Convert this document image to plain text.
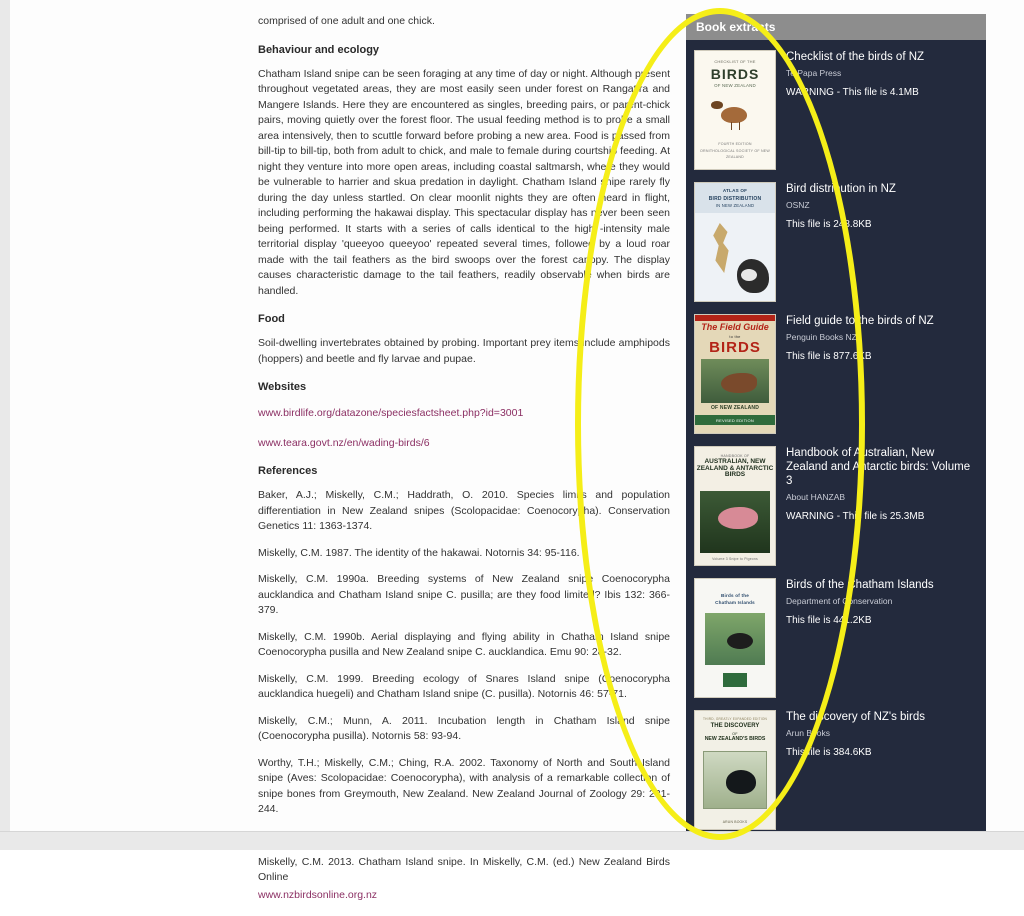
comprised of one adult and one chick.

Behaviour and ecology

Chatham Island snipe can be seen foraging at any time of day or night. Although present throughout vegetated areas, they are most easily seen under forest on Rangatira and Mangere Islands. Here they are encountered as singles, breeding pairs, or parent-chick pairs, moving quietly over the forest floor. The usual feeding method is to probe a small area intensively, then to scuttle forward before probing a new area. Food is passed from bill-tip to bill-tip, both from adult to chick, and male to female during courtship feeding. At night they venture into more open areas, including coastal saltmarsh, where they would be vulnerable to harrier and skua predation in daylight. Chatham Island snipe rarely fly during the day unless startled. On clear moonlit nights they are often heard in flight, including performing the hakawai display. This spectacular display has never been seen being performed. It starts with a series of calls identical to the high -intensity male territorial display 'queeyoo queeyoo' repeated several times, followed by a loud roar made with the tail feathers as the bird swoops over the forest canopy. The display causes characteristic damage to the tail feathers, readily observable when birds are handled.

Food

Soil-dwelling invertebrates obtained by probing. Important prey items include amphipods (hoppers) and beetle and fly larvae and pupae.

Websites
www.birdlife.org/datazone/speciesfactsheet.php?id=3001
www.teara.govt.nz/en/wading-birds/6
References

Baker, A.J.; Miskelly, C.M.; Haddrath, O. 2010. Species limits and population differentiation in New Zealand snipes (Scolopacidae: Coenocorypha). Conservation Genetics 11: 1363-1374.

Miskelly, C.M. 1987. The identity of the hakawai. Notornis 34: 95-116.

Miskelly, C.M. 1990a. Breeding systems of New Zealand snipe Coenocorypha aucklandica and Chatham Island snipe C. pusilla; are they food limited? Ibis 132: 366-379.

Miskelly, C.M. 1990b. Aerial displaying and flying ability in Chatham Island snipe Coenocorypha pusilla and New Zealand snipe C. aucklandica. Emu 90: 28-32.

Miskelly, C.M. 1999. Breeding ecology of Snares Island snipe (Coenocorypha aucklandica huegeli) and Chatham Island snipe (C. pusilla). Notornis 46: 57-71.

Miskelly, C.M.; Munn, A. 2011. Incubation length in Chatham Island snipe (Coenocorypha pusilla). Notornis 58: 93-94.

Worthy, T.H.; Miskelly, C.M.; Ching, R.A. 2002. Taxonomy of North and South Island snipe (Aves: Scolopacidae: Coenocorypha), with analysis of a remarkable collection of snipe bones from Greymouth, New Zealand. New Zealand Journal of Zoology 29: 231-244.

Miskelly, C.M. 2013. Chatham Island snipe. In Miskelly, C.M. (ed.) New Zealand Birds Online

www.nzbirdsonline.org.nz
Book extracts
CHECKLIST OF THE
BIRDS
OF NEW ZEALAND
FOURTH EDITION
ORNITHOLOGICAL SOCIETY OF NEW ZEALAND
Checklist of the birds of NZ
Te Papa Press
WARNING - This file is 4.1MB
ATLAS OF
BIRD DISTRIBUTION
IN NEW ZEALAND
Bird distribution in NZ
OSNZ
This file is 248.8KB
The Field Guide
to the
BIRDS
OF NEW ZEALAND
REVISED EDITION
Field guide to the birds of NZ
Penguin Books NZ
This file is 877.6KB
HANDBOOK OF
AUSTRALIAN, NEW ZEALAND & ANTARCTIC BIRDS
Volume 3 Snipe to Pigeons
Handbook of Australian, New Zealand and Antarctic birds: Volume 3
About HANZAB
WARNING - This file is 25.3MB
Birds of the
Chatham Islands
Birds of the Chatham Islands
Department of Conservation
This file is 441.2KB
THIRD, GREATLY EXPANDED EDITION
THE DISCOVERY
OF
NEW ZEALAND'S BIRDS
ARUN BOOKS
The discovery of NZ's birds
Arun Books
This file is 384.6KB
